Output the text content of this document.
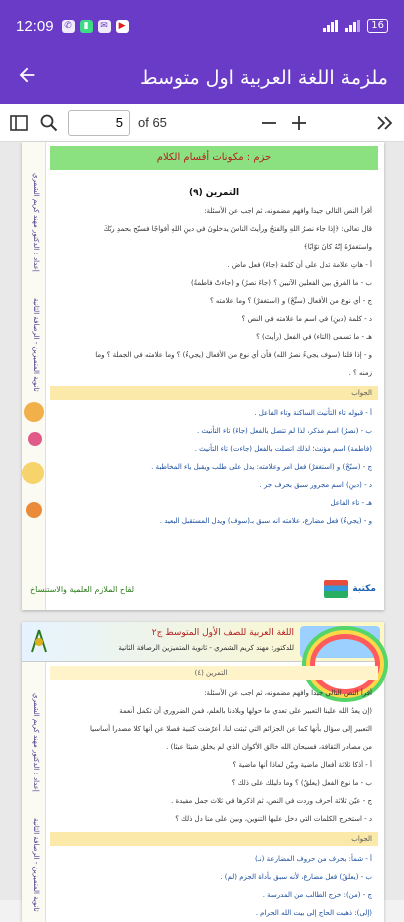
12:09	✆	▮	✉	▶	16
ملزمة اللغة العربية اول متوسط
5
of 65
إعداد : الدكتور مهند كريم الشمري
ثانوية المتميزين - الرصافة الثانية
حزم : مكونات أقسام الكلام
التمرين (٩)
أقرأ النص التالي جيدا وافهم مضمونه، ثم اجب عن الأسئلة:
قال تعالى: ﴿إذا جاء نصرُ اللهِ والفتحُ ورأيتَ الناسَ يدخلونَ في دينِ اللهِ أفواجًا فسبّح بحمدِ ربّكَ
واستغفرْهُ إنّهُ كانَ توّابًا﴾
أ - هاتِ علامة تدل على أن كلمة (جاءَ) فعل ماض .
ب - ما الفرق بين الفعلين الآتيين ؟ (جاءَ نصرُ) و (جاءتْ فاطمةُ)
ج - أي نوع من الأفعال (سبِّحْ) و (استغفرْ) ؟ وما علامته ؟
د - كلمة (دينِ) في اسم ما علامته في النص ؟
هـ - ما تسمى (التاء) في الفعل (رأيتَ) ؟
و - إذا قلنا (سوف يجيءُ نصرُ الله) فأن أي نوع من الأفعال (يجيءُ) ؟ وما علامته في الجملة ؟ وما
زمنه ؟ .
الجواب
أ - قبوله تاء التأنيث الساكنة وتاء الفاعل .
ب - (نصرُ) اسم مذكر، لذا لم تتصل بالفعل (جاءَ) تاء التأنيث .
(فاطمة) اسم مؤنث؛ لذلك اتصلت بالفعل (جاءت) تاء التأنيث .
ج - (سبّحْ) و (استغفرْ) فعل امر وعلامته: يدل على طلب ويقبل ياء المخاطبة .
د - (دينِ) اسم مجرور سبق بحرف جر .
هـ - تاء الفاعل
و - (يجيءُ) فعل مضارع، علامته انه سبق بـ(سوف) ويدل المستقبل البعيد .
لقاح الملازم العلمية والاستنساخ	مكتبة
اللغة العربية للصف الأول المتوسط ج٢
للدكتور: مهند كريم الشمري - ثانوية المتميزين الرصافة الثانية
إعداد : الدكتور مهند كريم الشمري
ثانوية المتميزين - الرصافة الثانية
التمرين (٤)
أقرأ النص التالي جيدا وافهم مضمونه، ثم اجب عن الأسئلة:
(إن يعدُ الله علينا التعبير على تعدي ما حولها وبلادنا بالعلم، فمن الضروري أن تكمل أنعمة
التعبير إلى سؤال بأنها كما عن الجزائم التي ثبتت لنا، أعرّضت كتبية فصلا عن أنها كلا مصدرا أساسيا
من مصادر الثقافة، فسبحان الله خالق الأكوان الذي لم يخلق شيئا عبثا) .
أ - أذكا ثلاثة أفعال ماضية وبيّن لماذا أنها ماضية ؟
ب - ما نوع الفعل (يعلقُ) ؟ وما دليلك على ذلك ؟
ج - عيّن ثلاثة أحرف وردت في النص، ثم اذكرها في ثلاث جمل مفيدة .
د - استخرج الكلمات التي دخل عليها التنوين، وبين على منا دل ذلك ؟
الجواب
أ - شمأ: بحرف من حروف المضارعة (نـ)
ب - (يعلقُ) فعل مضارع، لأنه سبق بأداة الجزم (لم) .
ج - (من): خرج الطالب من المدرسة .
(إلى): ذهبت الحاج إلى بيت الله الحرام .
